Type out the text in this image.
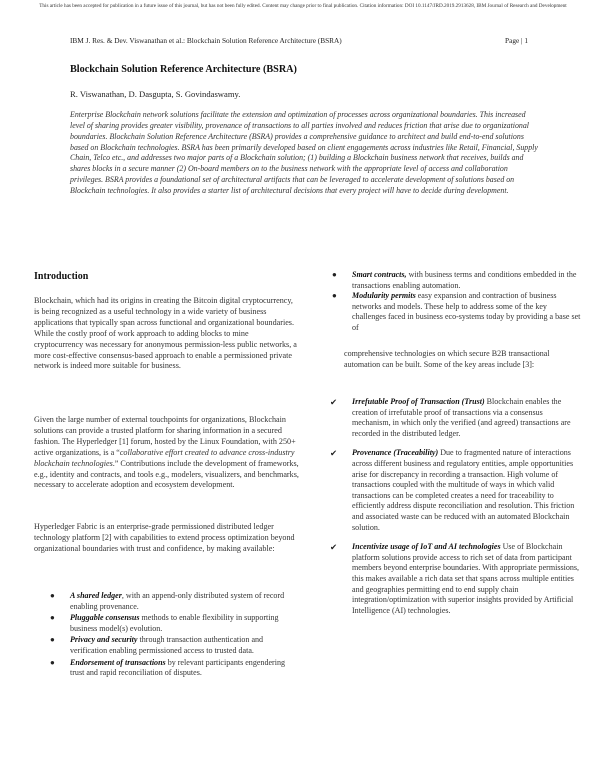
This article has been accepted for publication in a future issue of this journal, but has not been fully edited. Content may change prior to final publication. Citation information: DOI 10.1147/JRD.2019.2913628, IBM Journal of Research and Development
IBM J. Res. & Dev. Viswanathan et al.: Blockchain Solution Reference Architecture (BSRA)	Page | 1
Blockchain Solution Reference Architecture (BSRA)
R. Viswanathan, D. Dasgupta, S. Govindaswamy.
Enterprise Blockchain network solutions facilitate the extension and optimization of processes across organizational boundaries. This increased level of sharing provides greater visibility, provenance of transactions to all parties involved and reduces friction that arise due to organizational boundaries. Blockchain Solution Reference Architecture (BSRA) provides a comprehensive guidance to architect and build end-to-end solutions based on Blockchain technologies. BSRA has been primarily developed based on client engagements across industries like Retail, Financial, Supply Chain, Telco etc., and addresses two major parts of a Blockchain solution; (1) building a Blockchain business network that receives, builds and shares blocks in a secure manner (2) On-board members on to the business network with the appropriate level of access and collaboration privileges. BSRA provides a foundational set of architectural artifacts that can be leveraged to accelerate development of solutions based on Blockchain technologies. It also provides a starter list of architectural decisions that every project will have to decide during development.
Introduction
Blockchain, which had its origins in creating the Bitcoin digital cryptocurrency, is being recognized as a useful technology in a wide variety of business applications that typically span across functional and organizational boundaries. While the costly proof of work approach to adding blocks to mine cryptocurrency was necessary for anonymous permission-less public networks, a more cost-effective consensus-based approach to enable a permissioned private network is indeed more suitable for business.
Given the large number of external touchpoints for organizations, Blockchain solutions can provide a trusted platform for sharing information in a secured fashion. The Hyperledger [1] forum, hosted by the Linux Foundation, with 250+ active organizations, is a “collaborative effort created to advance cross-industry blockchain technologies.” Contributions include the development of frameworks, e.g., identity and contracts, and tools e.g., modelers, visualizers, and benchmarks, necessary to accelerate adoption and ecosystem development.
Hyperledger Fabric is an enterprise-grade permissioned distributed ledger technology platform [2] with capabilities to extend process optimization beyond organizational boundaries with trust and confidence, by making available:
● A shared ledger, with an append-only distributed system of record enabling provenance.
● Pluggable consensus methods to enable flexibility in supporting business model(s) evolution.
● Privacy and security through transaction authentication and verification enabling permissioned access to trusted data.
● Endorsement of transactions by relevant participants engendering trust and rapid reconciliation of disputes.
● Smart contracts, with business terms and conditions embedded in the transactions enabling automation.
● Modularity permits easy expansion and contraction of business networks and models. These help to address some of the key challenges faced in business eco-systems today by providing a base set of
comprehensive technologies on which secure B2B transactional automation can be built. Some of the key areas include [3]:
✔ Irrefutable Proof of Transaction (Trust) Blockchain enables the creation of irrefutable proof of transactions via a consensus mechanism, in which only the verified (and agreed) transactions are recorded in the distributed ledger.
✔ Provenance (Traceability) Due to fragmented nature of interactions across different business and regulatory entities, ample opportunities arise for discrepancy in recording a transaction. High volume of transactions coupled with the multitude of ways in which valid transactions can be completed creates a need for traceability to efficiently address dispute reconciliation and resolution. This friction and associated waste can be reduced with an automated Blockchain solution.
✔ Incentivize usage of IoT and AI technologies Use of Blockchain platform solutions provide access to rich set of data from participant members beyond enterprise boundaries. With appropriate permissions, this makes available a rich data set that spans across multiple entities and geographies permitting end to end supply chain integration/optimization with superior insights provided by Artificial Intelligence (AI) technologies.
